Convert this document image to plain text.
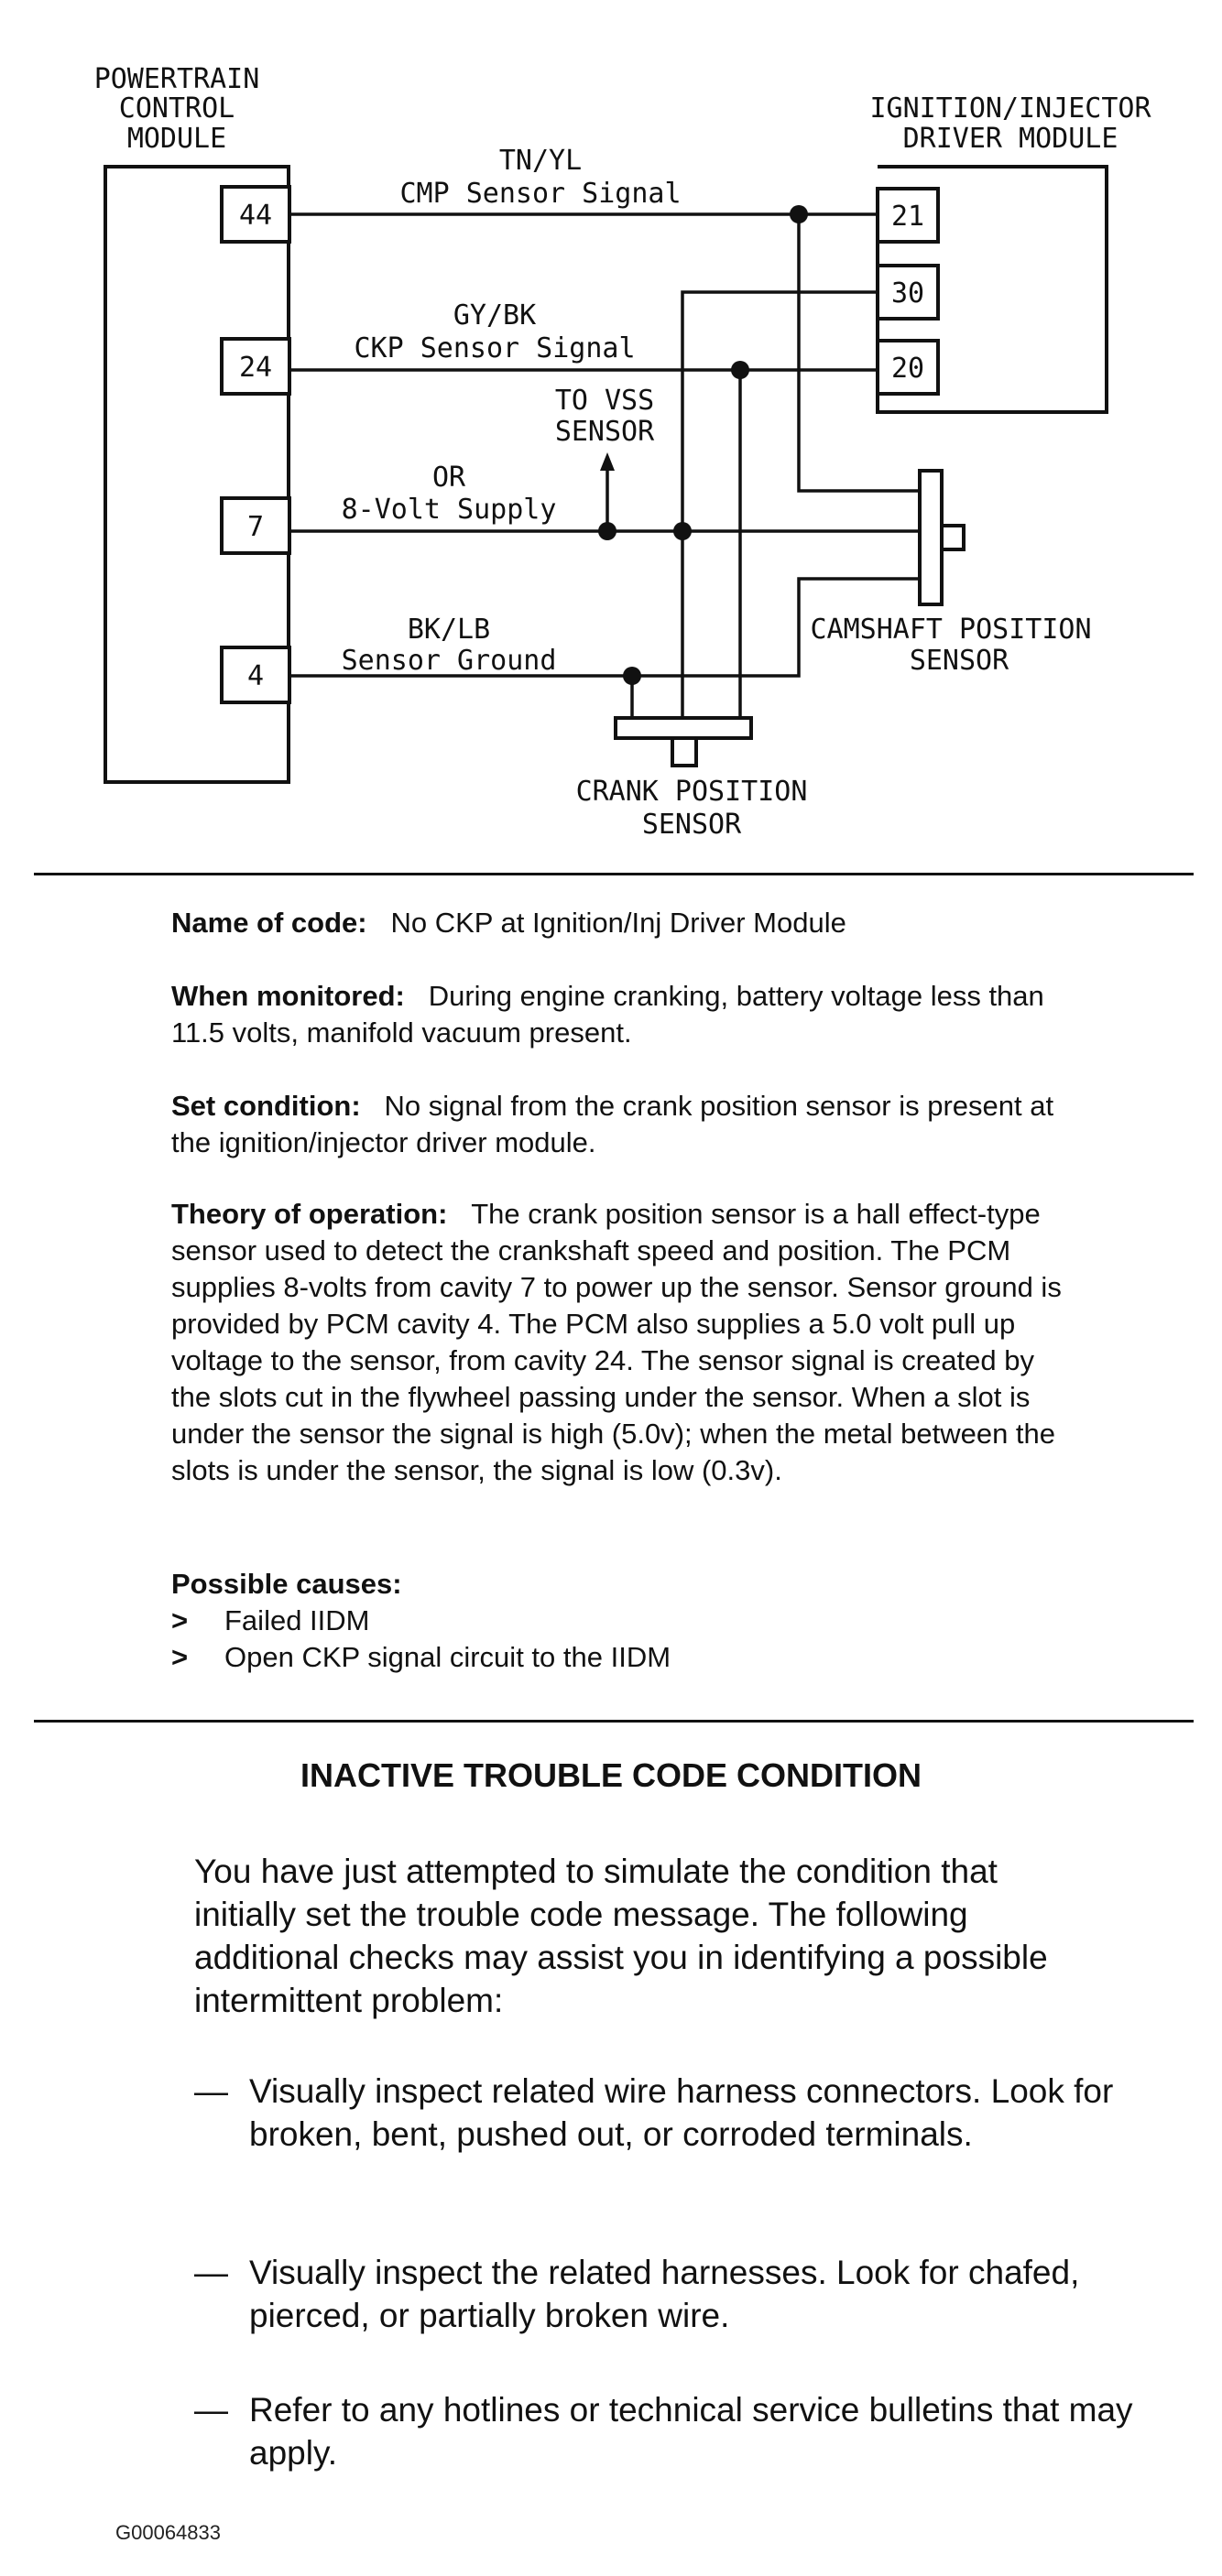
POWERTRAIN
CONTROL
MODULE
44
24
7
4
IGNITION/INJECTOR
DRIVER MODULE
21
30
20
TN/YL
CMP Sensor Signal
GY/BK
CKP Sensor Signal
OR
8-Volt Supply
BK/LB
Sensor Ground
TO VSS
SENSOR
CAMSHAFT POSITION
SENSOR
CRANK POSITION
SENSOR

Name of code: No CKP at Ignition/Inj Driver Module

When monitored: During engine cranking, battery voltage less than 11.5 volts, manifold vacuum present.

Set condition: No signal from the crank position sensor is present at the ignition/injector driver module.

Theory of operation: The crank position sensor is a hall effect-type sensor used to detect the crankshaft speed and position. The PCM supplies 8-volts from cavity 7 to power up the sensor. Sensor ground is provided by PCM cavity 4. The PCM also supplies a 5.0 volt pull up voltage to the sensor, from cavity 24. The sensor signal is created by the slots cut in the flywheel passing under the sensor. When a slot is under the sensor the signal is high (5.0v); when the metal between the slots is under the sensor, the signal is low (0.3v).

Possible causes:

> Failed IIDM
> Open CKP signal circuit to the IIDM
INACTIVE TROUBLE CODE CONDITION

You have just attempted to simulate the condition that initially set the trouble code message. The following additional checks may assist you in identifying a possible intermittent problem:

— Visually inspect related wire harness connectors. Look for broken, bent, pushed out, or corroded terminals.
— Visually inspect the related harnesses. Look for chafed, pierced, or partially broken wire.
— Refer to any hotlines or technical service bulletins that may apply.
G00064833
